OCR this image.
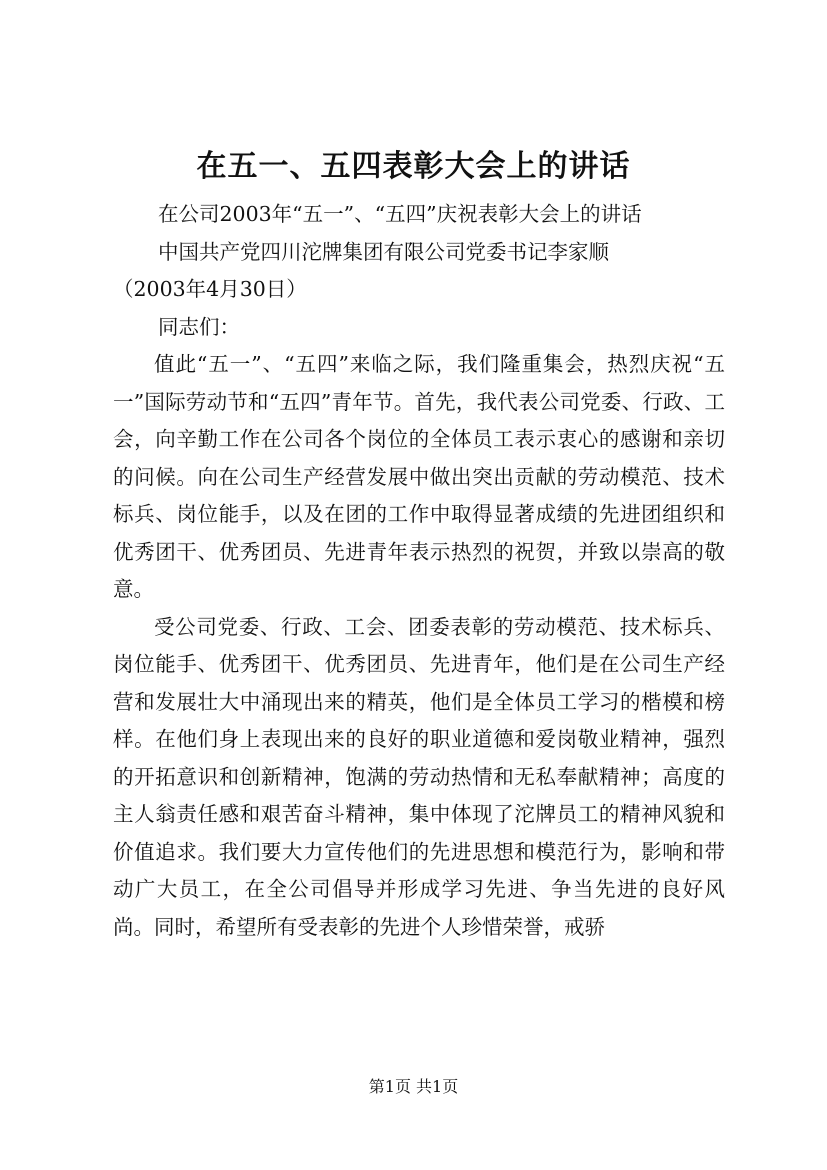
在五一、五四表彰大会上的讲话

在公司2003年“五一”、“五四”庆祝表彰大会上的讲话

中国共产党四川沱牌集团有限公司党委书记李家顺

（2003年4月30日）

同志们：

值此“五一”、“五四”来临之际，我们隆重集会，热烈庆祝“五一”国际劳动节和“五四”青年节。首先，我代表公司党委、行政、工会，向辛勤工作在公司各个岗位的全体员工表示衷心的感谢和亲切的问候。向在公司生产经营发展中做出突出贡献的劳动模范、技术标兵、岗位能手，以及在团的工作中取得显著成绩的先进团组织和优秀团干、优秀团员、先进青年表示热烈的祝贺，并致以崇高的敬意。

受公司党委、行政、工会、团委表彰的劳动模范、技术标兵、岗位能手、优秀团干、优秀团员、先进青年，他们是在公司生产经营和发展壮大中涌现出来的精英，他们是全体员工学习的楷模和榜样。在他们身上表现出来的良好的职业道德和爱岗敬业精神，强烈的开拓意识和创新精神，饱满的劳动热情和无私奉献精神；高度的主人翁责任感和艰苦奋斗精神，集中体现了沱牌员工的精神风貌和价值追求。我们要大力宣传他们的先进思想和模范行为，影响和带动广大员工，在全公司倡导并形成学习先进、争当先进的良好风尚。同时，希望所有受表彰的先进个人珍惜荣誉，戒骄

第1页 共1页
